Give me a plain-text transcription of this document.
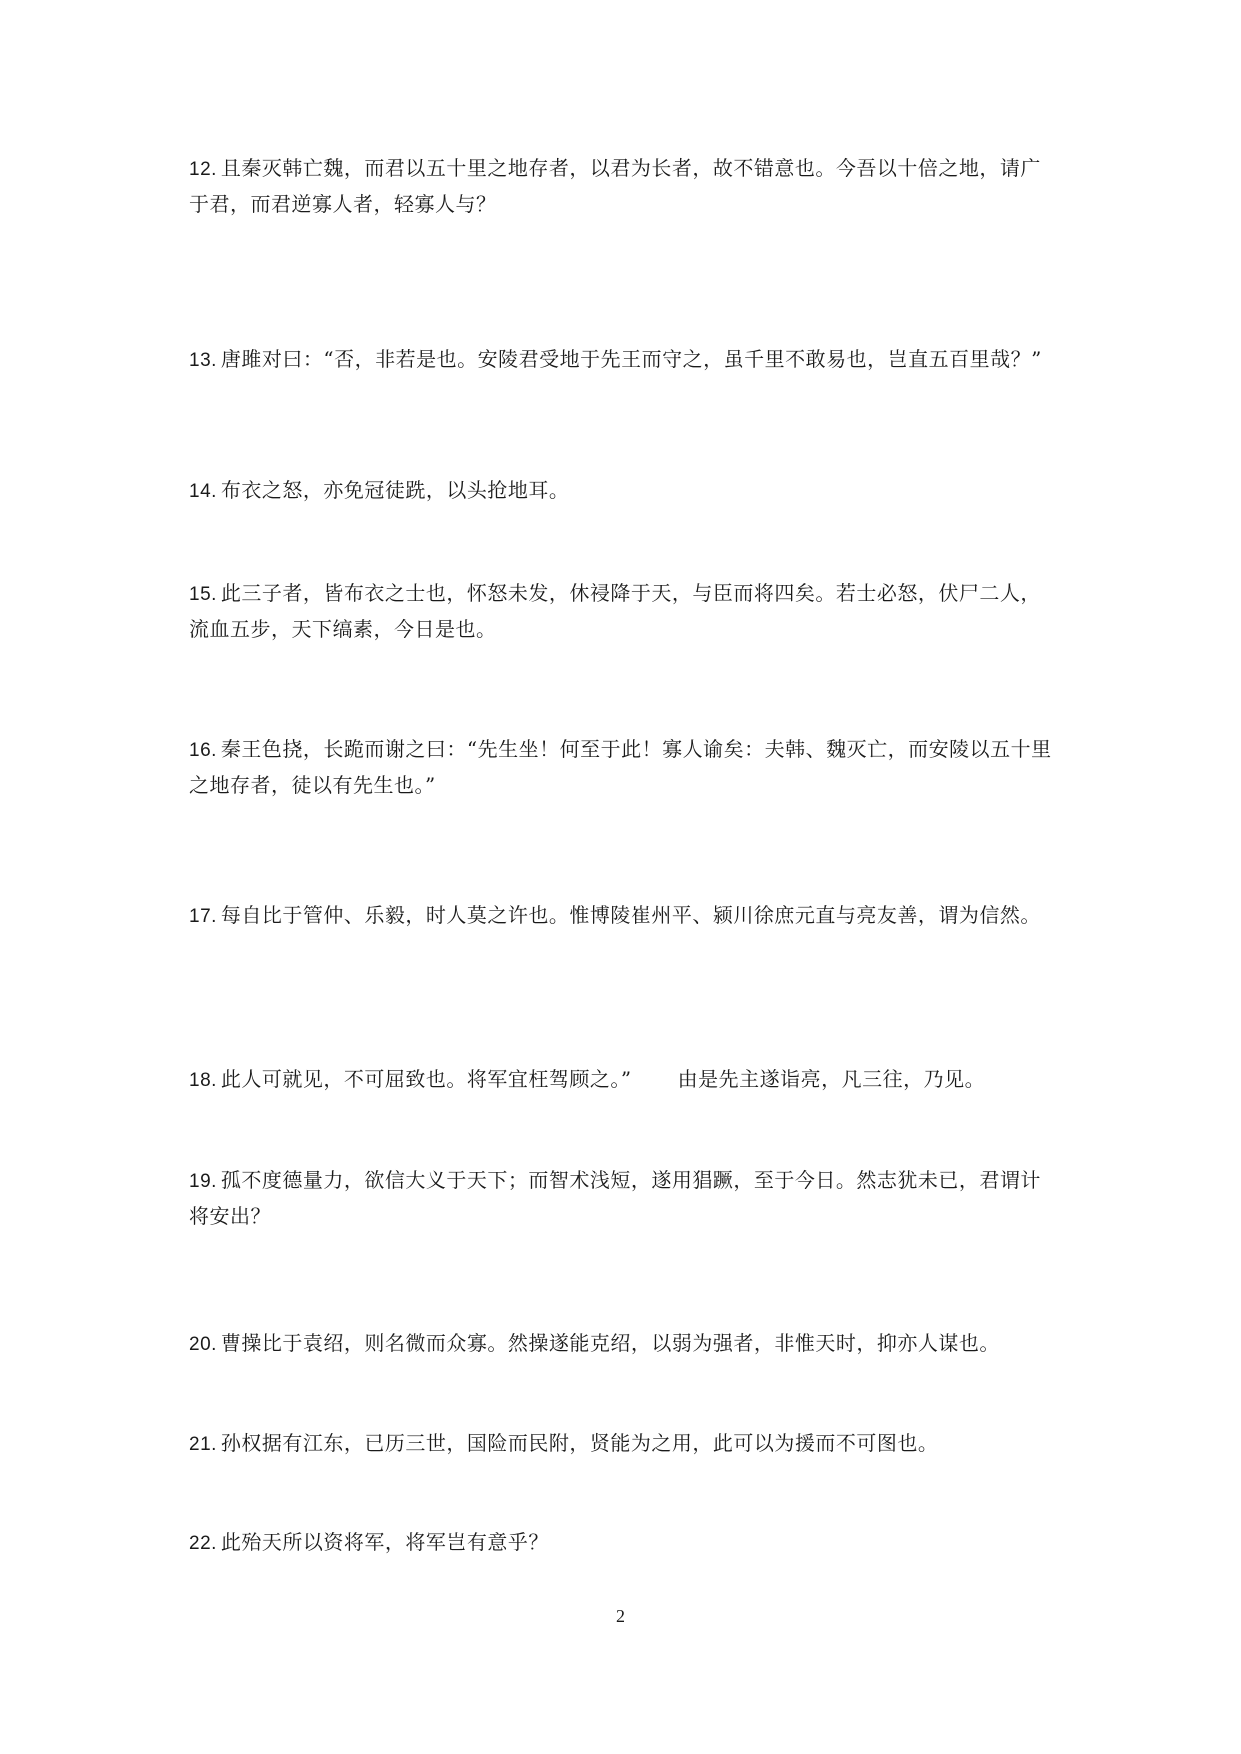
12. 且秦灭韩亡魏，而君以五十里之地存者，以君为长者，故不错意也。今吾以十倍之地，请广于君，而君逆寡人者，轻寡人与？

13. 唐雎对曰：“否，非若是也。安陵君受地于先王而守之，虽千里不敢易也，岂直五百里哉？”

14. 布衣之怒，亦免冠徒跣，以头抢地耳。

15. 此三子者，皆布衣之士也，怀怒未发，休祲降于天，与臣而将四矣。若士必怒，伏尸二人，流血五步，天下缟素，今日是也。

16. 秦王色挠，长跪而谢之曰：“先生坐！何至于此！寡人谕矣：夫韩、魏灭亡，而安陵以五十里之地存者，徒以有先生也。”

17. 每自比于管仲、乐毅，时人莫之许也。惟博陵崔州平、颍川徐庶元直与亮友善，谓为信然。

18. 此人可就见，不可屈致也。将军宜枉驾顾之。” 由是先主遂诣亮，凡三往，乃见。

19. 孤不度德量力，欲信大义于天下；而智术浅短，遂用猖蹶，至于今日。然志犹未已，君谓计将安出？

20. 曹操比于袁绍，则名微而众寡。然操遂能克绍，以弱为强者，非惟天时，抑亦人谋也。

21. 孙权据有江东，已历三世，国险而民附，贤能为之用，此可以为援而不可图也。

22. 此殆天所以资将军，将军岂有意乎？

2
